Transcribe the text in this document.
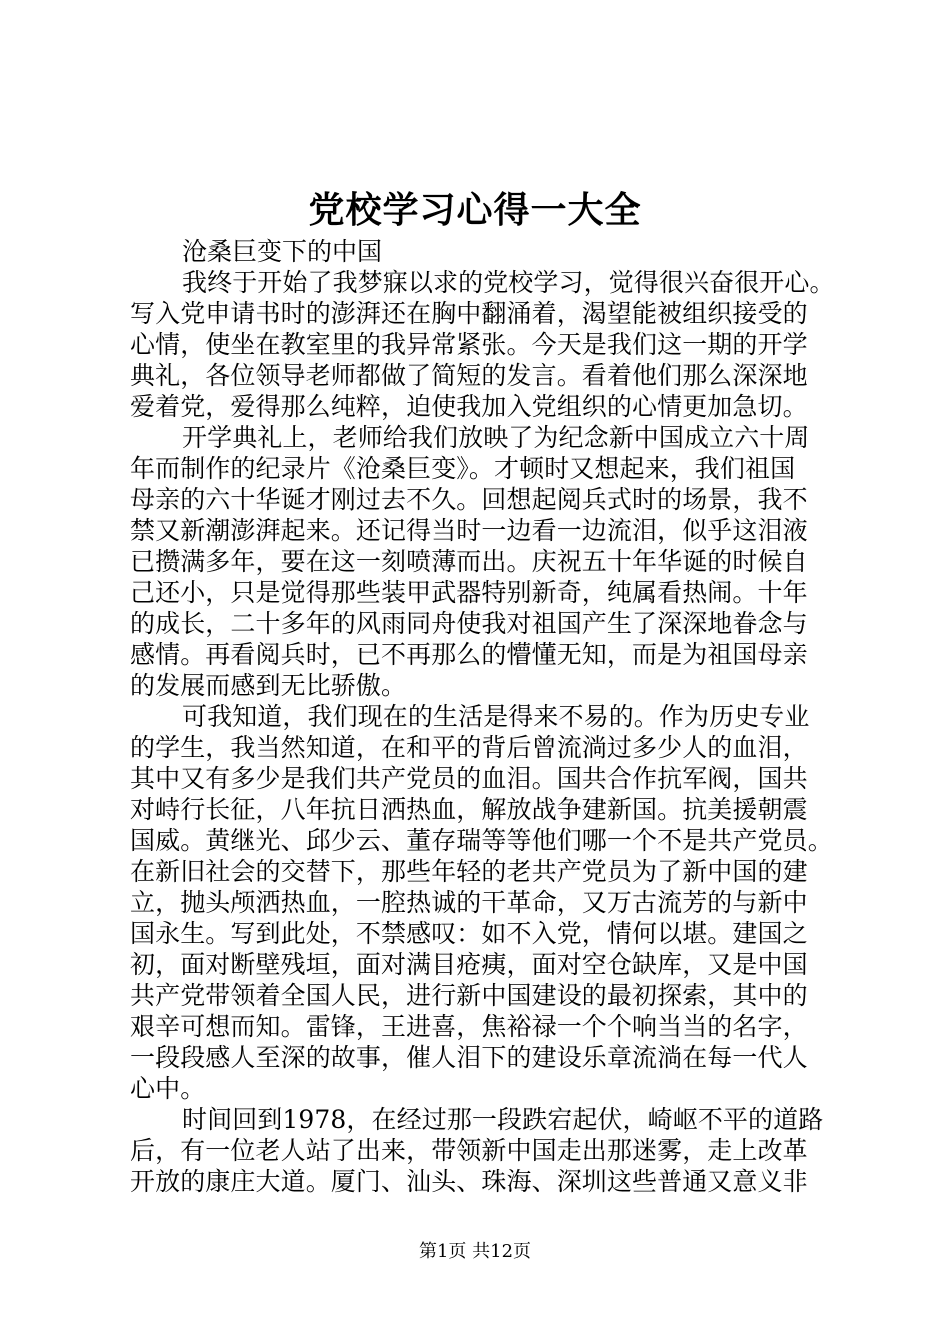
党校学习心得一大全

沧桑巨变下的中国

我终于开始了我梦寐以求的党校学习，觉得很兴奋很开心。
写入党申请书时的澎湃还在胸中翻涌着，渴望能被组织接受的
心情，使坐在教室里的我异常紧张。今天是我们这一期的开学
典礼，各位领导老师都做了简短的发言。看着他们那么深深地
爱着党，爱得那么纯粹，迫使我加入党组织的心情更加急切。
开学典礼上，老师给我们放映了为纪念新中国成立六十周
年而制作的纪录片《沧桑巨变》。才顿时又想起来，我们祖国
母亲的六十华诞才刚过去不久。回想起阅兵式时的场景，我不
禁又新潮澎湃起来。还记得当时一边看一边流泪，似乎这泪液
已攒满多年，要在这一刻喷薄而出。庆祝五十年华诞的时候自
己还小，只是觉得那些装甲武器特别新奇，纯属看热闹。十年
的成长，二十多年的风雨同舟使我对祖国产生了深深地眷念与
感情。再看阅兵时，已不再那么的懵懂无知，而是为祖国母亲
的发展而感到无比骄傲。
可我知道，我们现在的生活是得来不易的。作为历史专业
的学生，我当然知道，在和平的背后曾流淌过多少人的血泪，
其中又有多少是我们共产党员的血泪。国共合作抗军阀，国共
对峙行长征，八年抗日洒热血，解放战争建新国。抗美援朝震
国威。黄继光、邱少云、董存瑞等等他们哪一个不是共产党员。
在新旧社会的交替下，那些年轻的老共产党员为了新中国的建
立，抛头颅洒热血，一腔热诚的干革命，又万古流芳的与新中
国永生。写到此处，不禁感叹：如不入党，情何以堪。建国之
初，面对断壁残垣，面对满目疮痍，面对空仓缺库，又是中国
共产党带领着全国人民，进行新中国建设的最初探索，其中的
艰辛可想而知。雷锋，王进喜，焦裕禄一个个响当当的名字，
一段段感人至深的故事，催人泪下的建设乐章流淌在每一代人
心中。
时间回到1978，在经过那一段跌宕起伏，崎岖不平的道路
后，有一位老人站了出来，带领新中国走出那迷雾，走上改革
开放的康庄大道。厦门、汕头、珠海、深圳这些普通又意义非
第1页 共12页
